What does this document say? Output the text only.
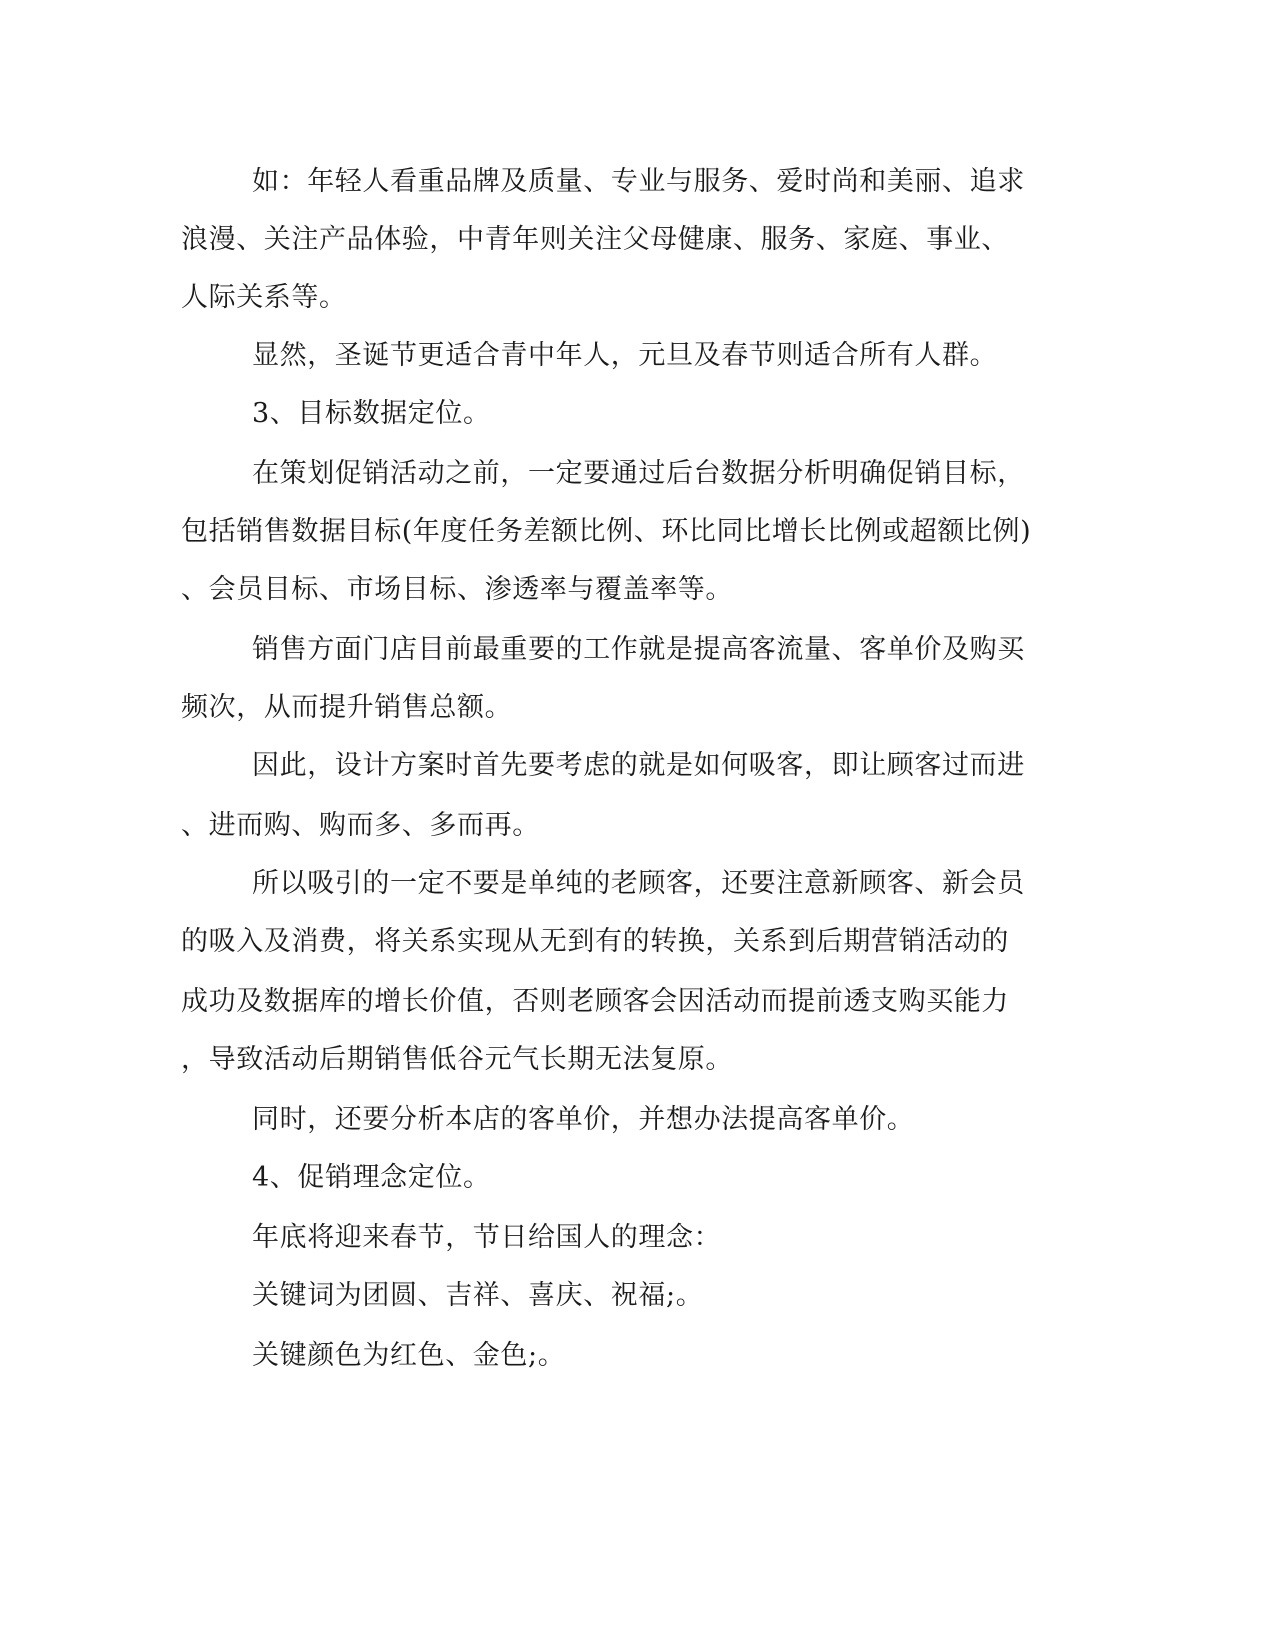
如：年轻人看重品牌及质量、专业与服务、爱时尚和美丽、追求
浪漫、关注产品体验，中青年则关注父母健康、服务、家庭、事业、
人际关系等。
显然，圣诞节更适合青中年人，元旦及春节则适合所有人群。
3、目标数据定位。
在策划促销活动之前，一定要通过后台数据分析明确促销目标，
包括销售数据目标(年度任务差额比例、环比同比增长比例或超额比例)
、会员目标、市场目标、渗透率与覆盖率等。
销售方面门店目前最重要的工作就是提高客流量、客单价及购买
频次，从而提升销售总额。
因此，设计方案时首先要考虑的就是如何吸客，即让顾客过而进
、进而购、购而多、多而再。
所以吸引的一定不要是单纯的老顾客，还要注意新顾客、新会员
的吸入及消费，将关系实现从无到有的转换，关系到后期营销活动的
成功及数据库的增长价值，否则老顾客会因活动而提前透支购买能力
，导致活动后期销售低谷元气长期无法复原。
同时，还要分析本店的客单价，并想办法提高客单价。
4、促销理念定位。
年底将迎来春节，节日给国人的理念：
关键词为团圆、吉祥、喜庆、祝福;。
关键颜色为红色、金色;。
